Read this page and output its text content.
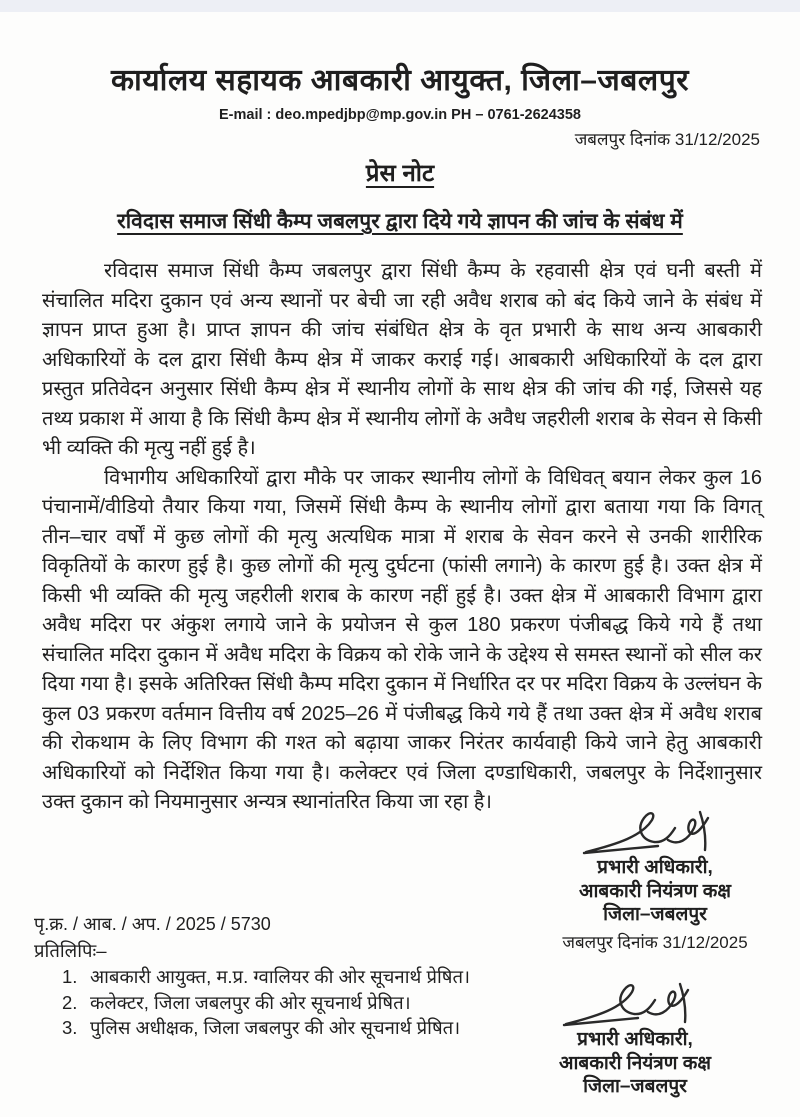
कार्यालय सहायक आबकारी आयुक्त, जिला–जबलपुर
E-mail : deo.mpedjbp@mp.gov.in PH – 0761-2624358
जबलपुर दिनांक 31/12/2025
प्रेस नोट
रविदास समाज सिंधी कैम्प जबलपुर द्वारा दिये गये ज्ञापन की जांच के संबंध में

रविदास समाज सिंधी कैम्प जबलपुर द्वारा सिंधी कैम्प के रहवासी क्षेत्र एवं घनी बस्ती में संचालित मदिरा दुकान एवं अन्य स्थानों पर बेची जा रही अवैध शराब को बंद किये जाने के संबंध में ज्ञापन प्राप्त हुआ है। प्राप्त ज्ञापन की जांच संबंधित क्षेत्र के वृत प्रभारी के साथ अन्य आबकारी अधिकारियों के दल द्वारा सिंधी कैम्प क्षेत्र में जाकर कराई गई। आबकारी अधिकारियों के दल द्वारा प्रस्तुत प्रतिवेदन अनुसार सिंधी कैम्प क्षेत्र में स्थानीय लोगों के साथ क्षेत्र की जांच की गई, जिससे यह तथ्य प्रकाश में आया है कि सिंधी कैम्प क्षेत्र में स्थानीय लोगों के अवैध जहरीली शराब के सेवन से किसी भी व्यक्ति की मृत्यु नहीं हुई है।

विभागीय अधिकारियों द्वारा मौके पर जाकर स्थानीय लोगों के विधिवत् बयान लेकर कुल 16 पंचानामें/वीडियो तैयार किया गया, जिसमें सिंधी कैम्प के स्थानीय लोगों द्वारा बताया गया कि विगत् तीन–चार वर्षों में कुछ लोगों की मृत्यु अत्यधिक मात्रा में शराब के सेवन करने से उनकी शारीरिक विकृतियों के कारण हुई है। कुछ लोगों की मृत्यु दुर्घटना (फांसी लगाने) के कारण हुई है। उक्त क्षेत्र में किसी भी व्यक्ति की मृत्यु जहरीली शराब के कारण नहीं हुई है। उक्त क्षेत्र में आबकारी विभाग द्वारा अवैध मदिरा पर अंकुश लगाये जाने के प्रयोजन से कुल 180 प्रकरण पंजीबद्ध किये गये हैं तथा संचालित मदिरा दुकान में अवैध मदिरा के विक्रय को रोके जाने के उद्देश्य से समस्त स्थानों को सील कर दिया गया है। इसके अतिरिक्त सिंधी कैम्प मदिरा दुकान में निर्धारित दर पर मदिरा विक्रय के उल्लंघन के कुल 03 प्रकरण वर्तमान वित्तीय वर्ष 2025–26 में पंजीबद्ध किये गये हैं तथा उक्त क्षेत्र में अवैध शराब की रोकथाम के लिए विभाग की गश्त को बढ़ाया जाकर निरंतर कार्यवाही किये जाने हेतु आबकारी अधिकारियों को निर्देशित किया गया है। कलेक्टर एवं जिला दण्डाधिकारी, जबलपुर के निर्देशानुसार उक्त दुकान को नियमानुसार अन्यत्र स्थानांतरित किया जा रहा है।

प्रभारी अधिकारी,
आबकारी नियंत्रण कक्ष
जिला–जबलपुर
जबलपुर दिनांक 31/12/2025
पृ.क्र. / आब. / अप. / 2025 / 5730
प्रतिलिपिः–
1. आबकारी आयुक्त, म.प्र. ग्वालियर की ओर सूचनार्थ प्रेषित।
2. कलेक्टर, जिला जबलपुर की ओर सूचनार्थ प्रेषित।
3. पुलिस अधीक्षक, जिला जबलपुर की ओर सूचनार्थ प्रेषित।
प्रभारी अधिकारी,
आबकारी नियंत्रण कक्ष
जिला–जबलपुर
